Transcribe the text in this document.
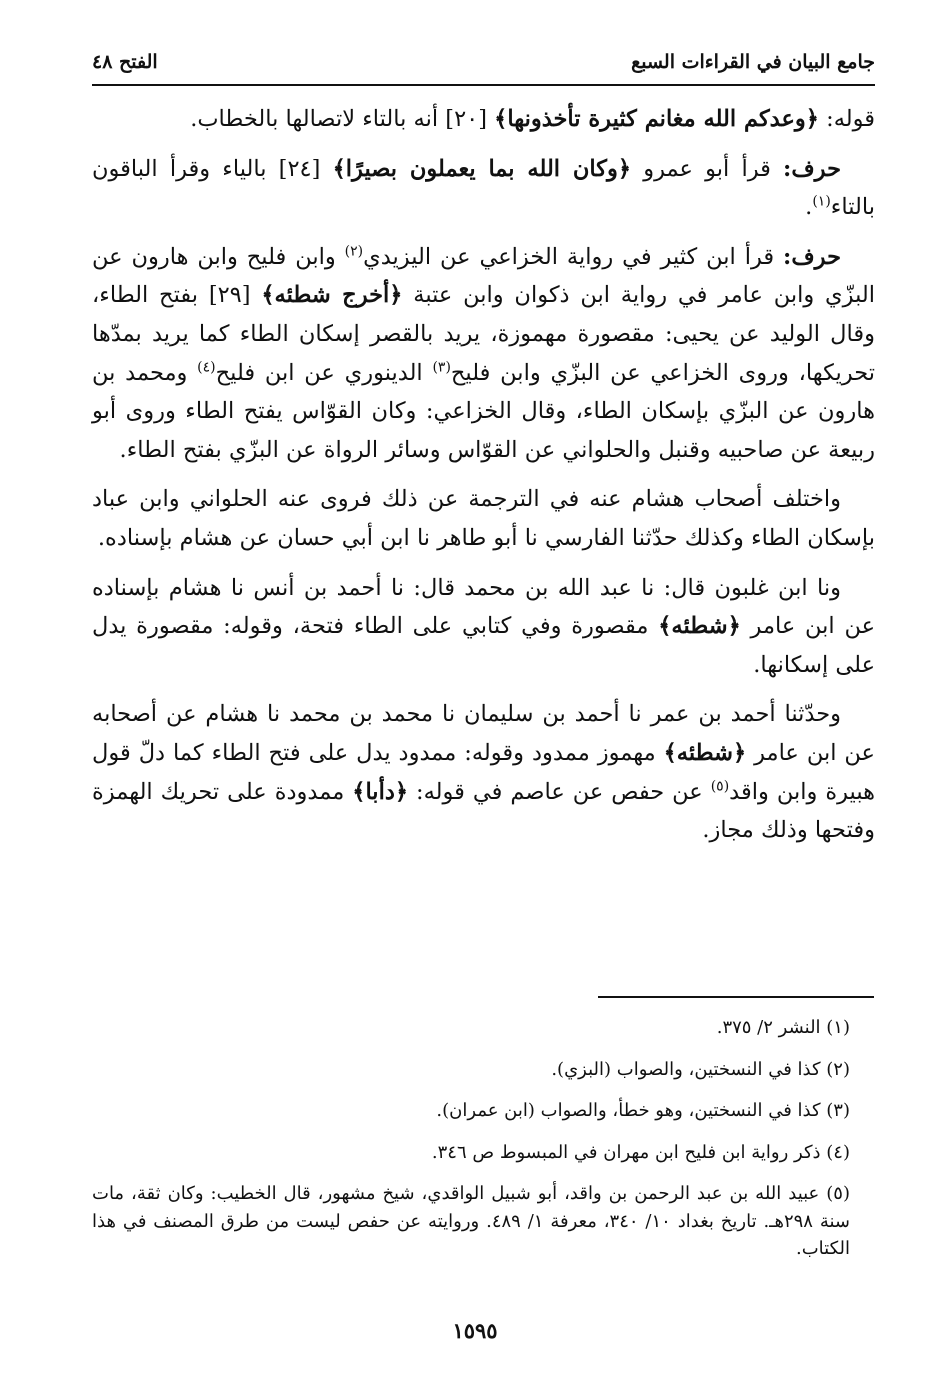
الفتح ٤٨	جامع البيان في القراءات السبع

قوله: ﴿وعدكم الله مغانم كثيرة تأخذونها﴾ [٢٠] أنه بالتاء لاتصالها بالخطاب.

حرف: قرأ أبو عمرو ﴿وكان الله بما يعملون بصيرًا﴾ [٢٤] بالياء وقرأ الباقون بالتاء$^{(١)}$.

حرف: قرأ ابن كثير في رواية الخزاعي عن اليزيدي$^{(٢)}$ وابن فليح وابن هارون عن البزّي وابن عامر في رواية ابن ذكوان وابن عتبة ﴿أخرج شطئه﴾ [٢٩] بفتح الطاء، وقال الوليد عن يحيى: مقصورة مهموزة، يريد بالقصر إسكان الطاء كما يريد بمدّها تحريكها، وروى الخزاعي عن البزّي وابن فليح$^{(٣)}$ الدينوري عن ابن فليح$^{(٤)}$ ومحمد بن هارون عن البزّي بإسكان الطاء، وقال الخزاعي: وكان القوّاس يفتح الطاء وروى أبو ربيعة عن صاحبيه وقنبل والحلواني عن القوّاس وسائر الرواة عن البزّي بفتح الطاء.

واختلف أصحاب هشام عنه في الترجمة عن ذلك فروى عنه الحلواني وابن عباد بإسكان الطاء وكذلك حدّثنا الفارسي نا أبو طاهر نا ابن أبي حسان عن هشام بإسناده.

ونا ابن غلبون قال: نا عبد الله بن محمد قال: نا أحمد بن أنس نا هشام بإسناده عن ابن عامر ﴿شطئه﴾ مقصورة وفي كتابي على الطاء فتحة، وقوله: مقصورة يدل على إسكانها.

وحدّثنا أحمد بن عمر نا أحمد بن سليمان نا محمد بن محمد نا هشام عن أصحابه عن ابن عامر ﴿شطئه﴾ مهموز ممدود وقوله: ممدود يدل على فتح الطاء كما دلّ قول هبيرة وابن واقد$^{(٥)}$ عن حفص عن عاصم في قوله: ﴿دأبا﴾ ممدودة على تحريك الهمزة وفتحها وذلك مجاز.

(١) النشر ٢/ ٣٧٥.
(٢) كذا في النسختين، والصواب (البزي).
(٣) كذا في النسختين، وهو خطأ، والصواب (ابن عمران).
(٤) ذكر رواية ابن فليح ابن مهران في المبسوط ص ٣٤٦.
(٥) عبيد الله بن عبد الرحمن بن واقد، أبو شبيل الواقدي، شيخ مشهور، قال الخطيب: وكان ثقة، مات سنة ٢٩٨هـ. تاريخ بغداد ١٠/ ٣٤٠، معرفة ١/ ٤٨٩. وروايته عن حفص ليست من طرق المصنف في هذا الكتاب.
١٥٩٥
